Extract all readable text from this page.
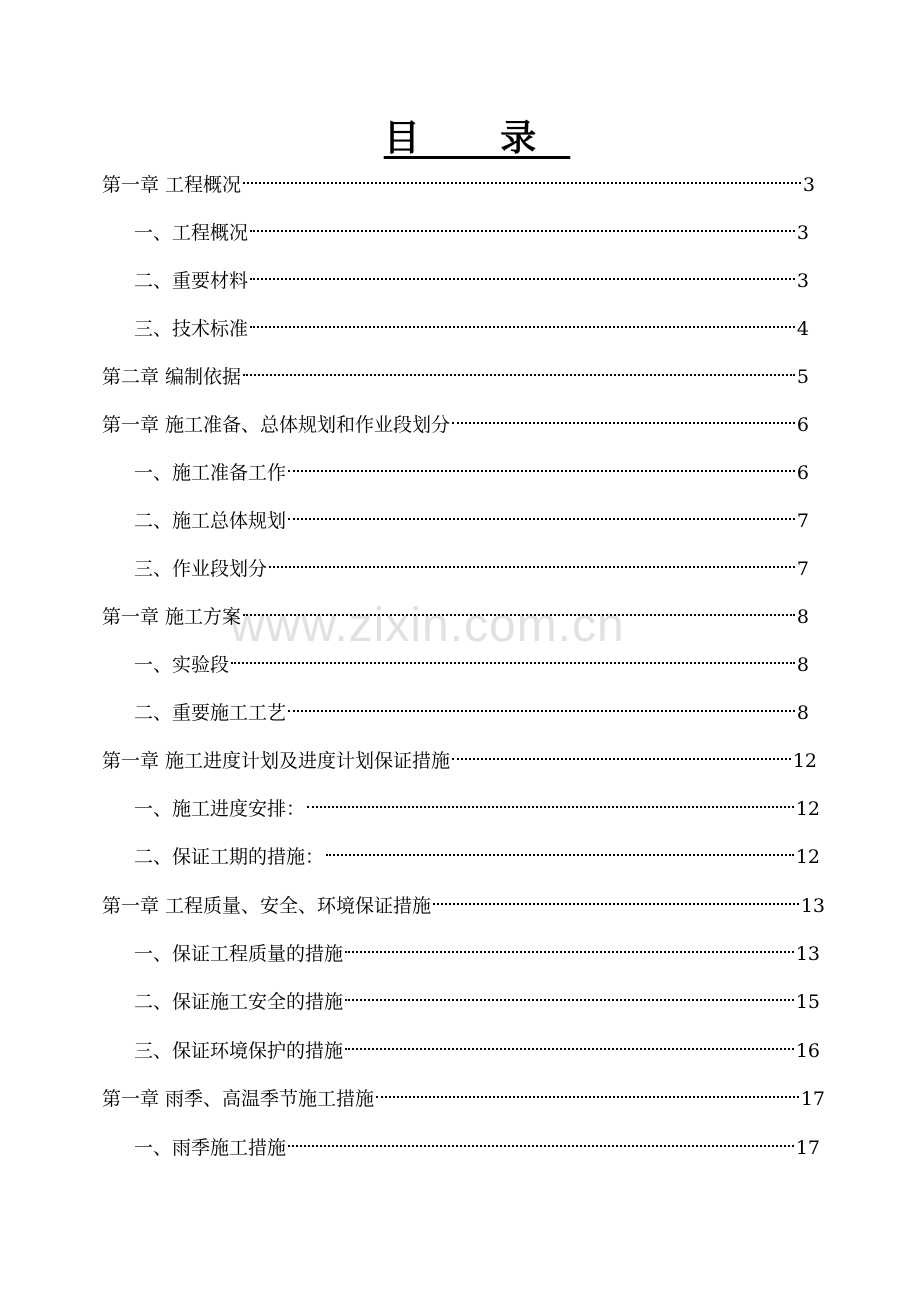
目 录
www.zixin.com.cn
第一章 工程概况	3
一、工程概况	3
二、重要材料	3
三、技术标准	4
第二章 编制依据	5
第一章 施工准备、总体规划和作业段划分	6
一、施工准备工作	6
二、施工总体规划	7
三、作业段划分	7
第一章 施工方案	8
一、实验段	8
二、重要施工工艺	8
第一章 施工进度计划及进度计划保证措施	12
一、施工进度安排：	12
二、保证工期的措施：	12
第一章 工程质量、安全、环境保证措施	13
一、保证工程质量的措施	13
二、保证施工安全的措施	15
三、保证环境保护的措施	16
第一章 雨季、高温季节施工措施	17
一、雨季施工措施	17
